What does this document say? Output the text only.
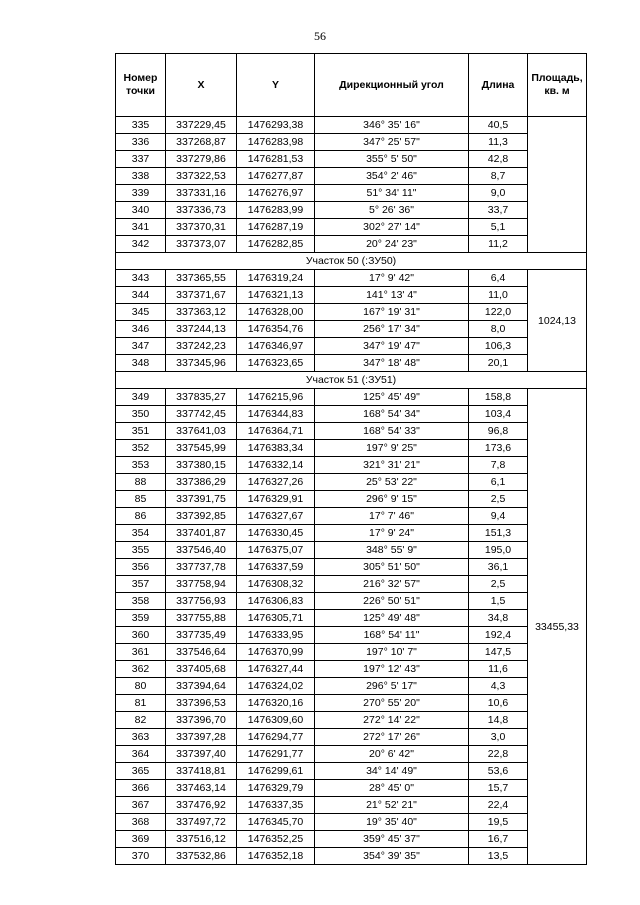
56
Номер точки	X	Y	Дирекционный угол	Длина	Площадь, кв. м
335	337229,45	1476293,38	346° 35' 16"	40,5	
336	337268,87	1476283,98	347° 25' 57"	11,3	
337	337279,86	1476281,53	355° 5' 50"	42,8	
338	337322,53	1476277,87	354° 2' 46"	8,7	
339	337331,16	1476276,97	51° 34' 11"	9,0	
340	337336,73	1476283,99	5° 26' 36"	33,7	
341	337370,31	1476287,19	302° 27' 14"	5,1	
342	337373,07	1476282,85	20° 24' 23"	11,2	
Участок 50 (:ЗУ50)					
343	337365,55	1476319,24	17° 9' 42"	6,4	1024,13
344	337371,67	1476321,13	141° 13' 4"	11,0	
345	337363,12	1476328,00	167° 19' 31"	122,0	
346	337244,13	1476354,76	256° 17' 34"	8,0	
347	337242,23	1476346,97	347° 19' 47"	106,3	
348	337345,96	1476323,65	347° 18' 48"	20,1	
Участок 51 (:ЗУ51)					
349	337835,27	1476215,96	125° 45' 49"	158,8	33455,33
350	337742,45	1476344,83	168° 54' 34"	103,4	
351	337641,03	1476364,71	168° 54' 33"	96,8	
352	337545,99	1476383,34	197° 9' 25"	173,6	
353	337380,15	1476332,14	321° 31' 21"	7,8	
88	337386,29	1476327,26	25° 53' 22"	6,1	
85	337391,75	1476329,91	296° 9' 15"	2,5	
86	337392,85	1476327,67	17° 7' 46"	9,4	
354	337401,87	1476330,45	17° 9' 24"	151,3	
355	337546,40	1476375,07	348° 55' 9"	195,0	
356	337737,78	1476337,59	305° 51' 50"	36,1	
357	337758,94	1476308,32	216° 32' 57"	2,5	
358	337756,93	1476306,83	226° 50' 51"	1,5	
359	337755,88	1476305,71	125° 49' 48"	34,8	
360	337735,49	1476333,95	168° 54' 11"	192,4	
361	337546,64	1476370,99	197° 10' 7"	147,5	
362	337405,68	1476327,44	197° 12' 43"	11,6	
80	337394,64	1476324,02	296° 5' 17"	4,3	
81	337396,53	1476320,16	270° 55' 20"	10,6	
82	337396,70	1476309,60	272° 14' 22"	14,8	
363	337397,28	1476294,77	272° 17' 26"	3,0	
364	337397,40	1476291,77	20° 6' 42"	22,8	
365	337418,81	1476299,61	34° 14' 49"	53,6	
366	337463,14	1476329,79	28° 45' 0"	15,7	
367	337476,92	1476337,35	21° 52' 21"	22,4	
368	337497,72	1476345,70	19° 35' 40"	19,5	
369	337516,12	1476352,25	359° 45' 37"	16,7	
370	337532,86	1476352,18	354° 39' 35"	13,5	
